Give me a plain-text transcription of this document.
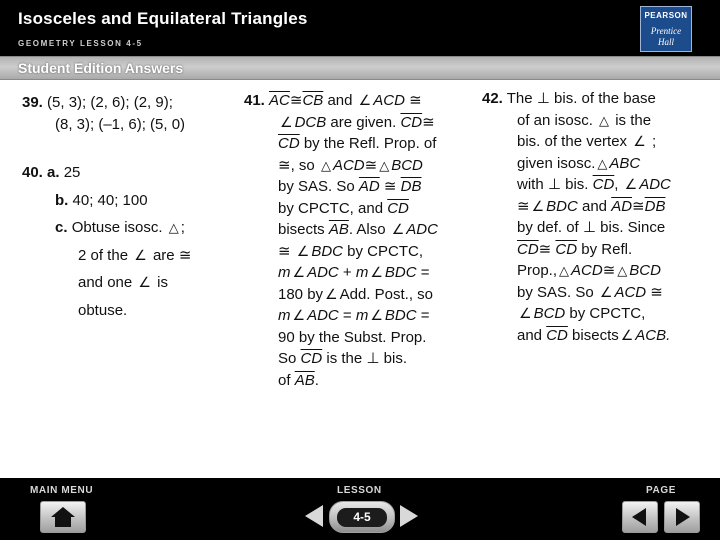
Isosceles and Equilateral Triangles
GEOMETRY LESSON 4-5
PEARSON
Prentice
Hall
Student Edition Answers
39. (5, 3); (2, 6); (2, 9);
(8, 3); (–1, 6); (5, 0)
40. a. 25
b. 40; 40; 100
c. Obtuse isosc. △ ;
2 of the ∠ are ≅
and one ∠ is
obtuse.
41. $\overline{AC}≅\overline{CB}$ and ∠ ACD ≅
∠ DCB are given. $\overline{CD}≅$
$\overline{CD}$ by the Refl. Prop. of
≅, so △ ACD≅ △ BCD
by SAS. So $\overline{AD}$ ≅ $\overline{DB}$
by CPCTC, and $\overline{CD}$
bisects $\overline{AB}$. Also ∠ ADC
≅ ∠ BDC by CPCTC,
m ∠ ADC + m ∠ BDC =
180 by ∠ Add. Post., so
m ∠ ADC = m ∠ BDC =
90 by the Subst. Prop.
So $\overline{CD}$ is the ⊥ bis.
of $\overline{AB}$.
42. The ⊥ bis. of the base
of an isosc. △ is the
bis. of the vertex ∠ ;
given isosc. △ ABC
with ⊥ bis. $\overline{CD}$, ∠ ADC
≅ ∠ BDC and $\overline{AD}≅\overline{DB}$
by def. of ⊥ bis. Since
$\overline{CD}≅$ $\overline{CD}$ by Refl.
Prop., △ ACD≅ △ BCD
by SAS. So ∠ ACD ≅
∠ BCD by CPCTC,
and $\overline{CD}$ bisects ∠ ACB.
MAIN MENU	LESSON
4-5
PAGE
